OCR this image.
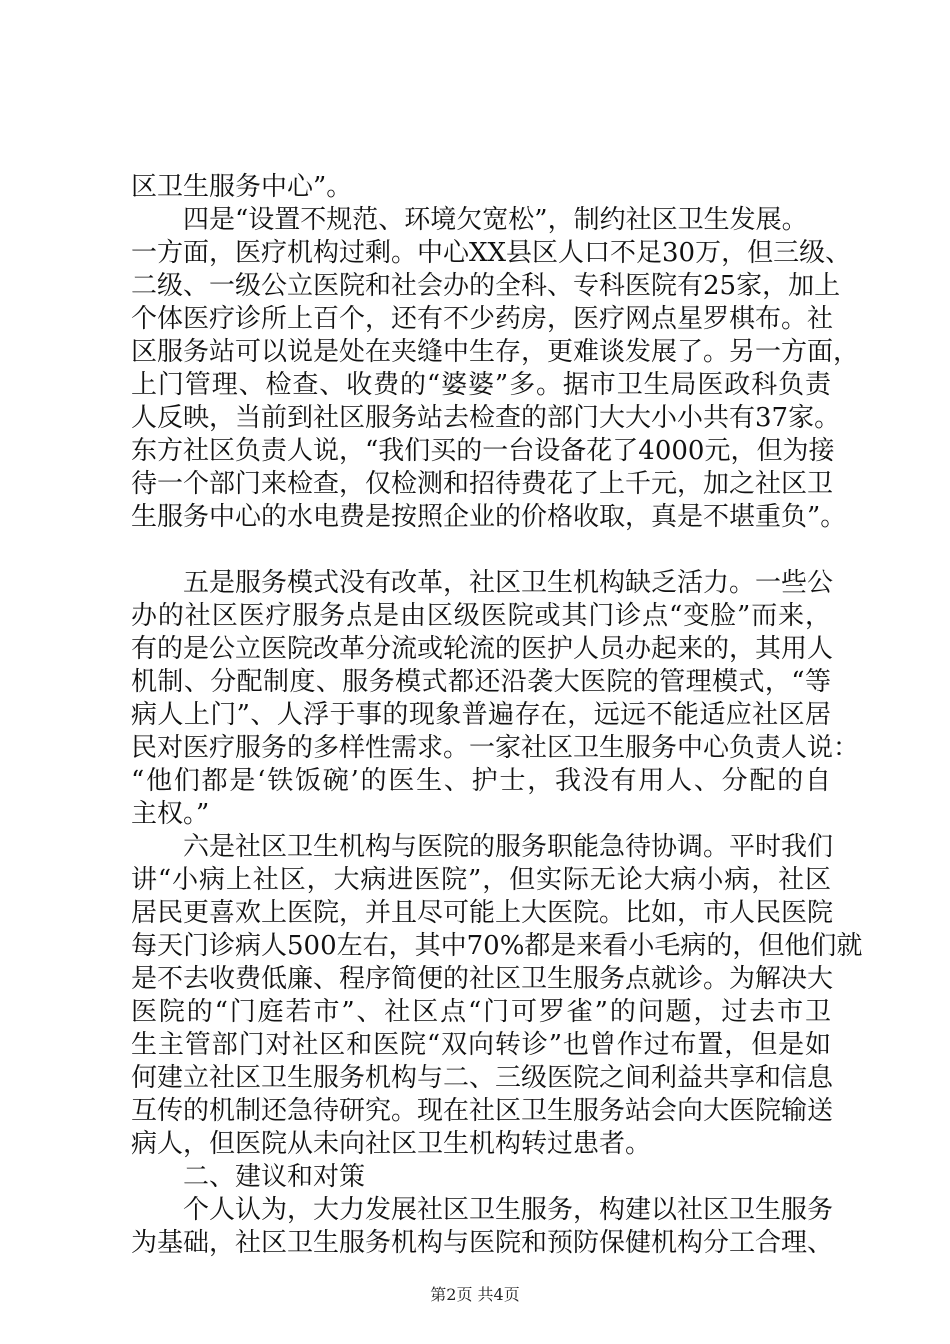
区卫生服务中心”。
四是“设置不规范、环境欠宽松”，制约社区卫生发展。
一方面，医疗机构过剩。中心XX县区人口不足30万，但三级、
二级、一级公立医院和社会办的全科、专科医院有25家，加上
个体医疗诊所上百个，还有不少药房，医疗网点星罗棋布。社
区服务站可以说是处在夹缝中生存，更难谈发展了。另一方面，
上门管理、检查、收费的“婆婆”多。据市卫生局医政科负责
人反映，当前到社区服务站去检查的部门大大小小共有37家。
东方社区负责人说，“我们买的一台设备花了4000元，但为接
待一个部门来检查，仅检测和招待费花了上千元，加之社区卫
生服务中心的水电费是按照企业的价格收取，真是不堪重负”。
五是服务模式没有改革，社区卫生机构缺乏活力。一些公
办的社区医疗服务点是由区级医院或其门诊点“变脸”而来，
有的是公立医院改革分流或轮流的医护人员办起来的，其用人
机制、分配制度、服务模式都还沿袭大医院的管理模式，“等
病人上门”、人浮于事的现象普遍存在，远远不能适应社区居
民对医疗服务的多样性需求。一家社区卫生服务中心负责人说：
“他们都是‘铁饭碗’的医生、护士，我没有用人、分配的自
主权。”
六是社区卫生机构与医院的服务职能急待协调。平时我们
讲“小病上社区，大病进医院”，但实际无论大病小病，社区
居民更喜欢上医院，并且尽可能上大医院。比如，市人民医院
每天门诊病人500左右，其中70%都是来看小毛病的，但他们就
是不去收费低廉、程序简便的社区卫生服务点就诊。为解决大
医院的“门庭若市”、社区点“门可罗雀”的问题，过去市卫
生主管部门对社区和医院“双向转诊”也曾作过布置，但是如
何建立社区卫生服务机构与二、三级医院之间利益共享和信息
互传的机制还急待研究。现在社区卫生服务站会向大医院输送
病人，但医院从未向社区卫生机构转过患者。
二、建议和对策
个人认为，大力发展社区卫生服务，构建以社区卫生服务
为基础，社区卫生服务机构与医院和预防保健机构分工合理、
第2页 共4页
